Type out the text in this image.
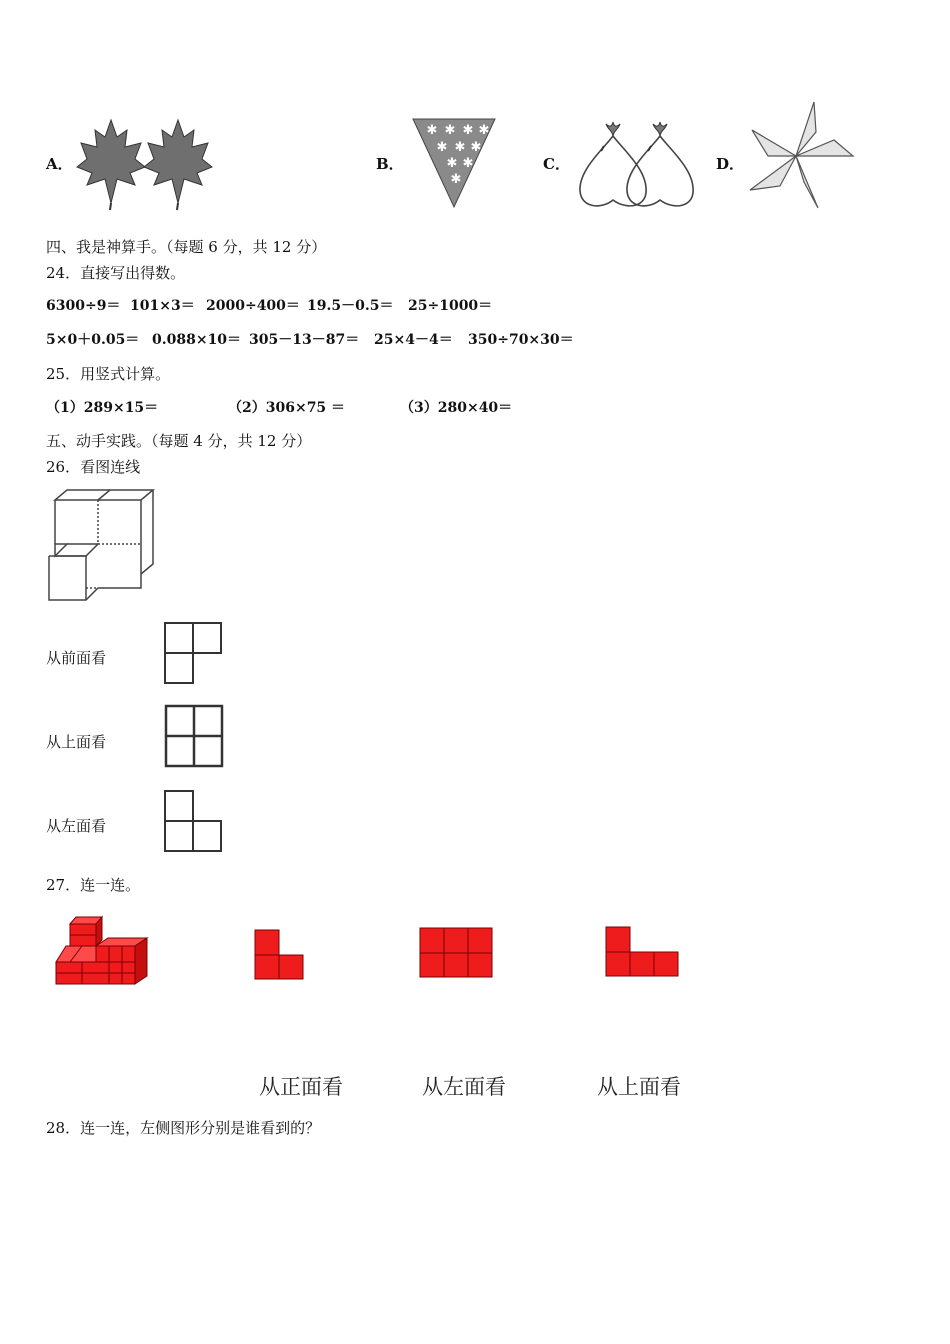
A．	B．
✱ ✱ ✱ ✱
✱ ✱ ✱
✱ ✱
✱
C．	D．
四、我是神算手。（每题 6 分，共 12 分）
24．直接写出得数。
6300÷9＝ 101×3＝ 2000÷400＝ 19.5－0.5＝ 25÷1000＝
5×0＋0.05＝ 0.088×10＝ 305－13－87＝ 25×4－4＝ 350÷70×30＝
25．用竖式计算。
（1）289×15＝	（2）306×75 ＝	（3）280×40＝
五、动手实践。（每题 4 分，共 12 分）
26．看图连线
从前面看
从上面看
从左面看
27．连一连。
从正面看	从左面看	从上面看
28．连一连，左侧图形分别是谁看到的？
